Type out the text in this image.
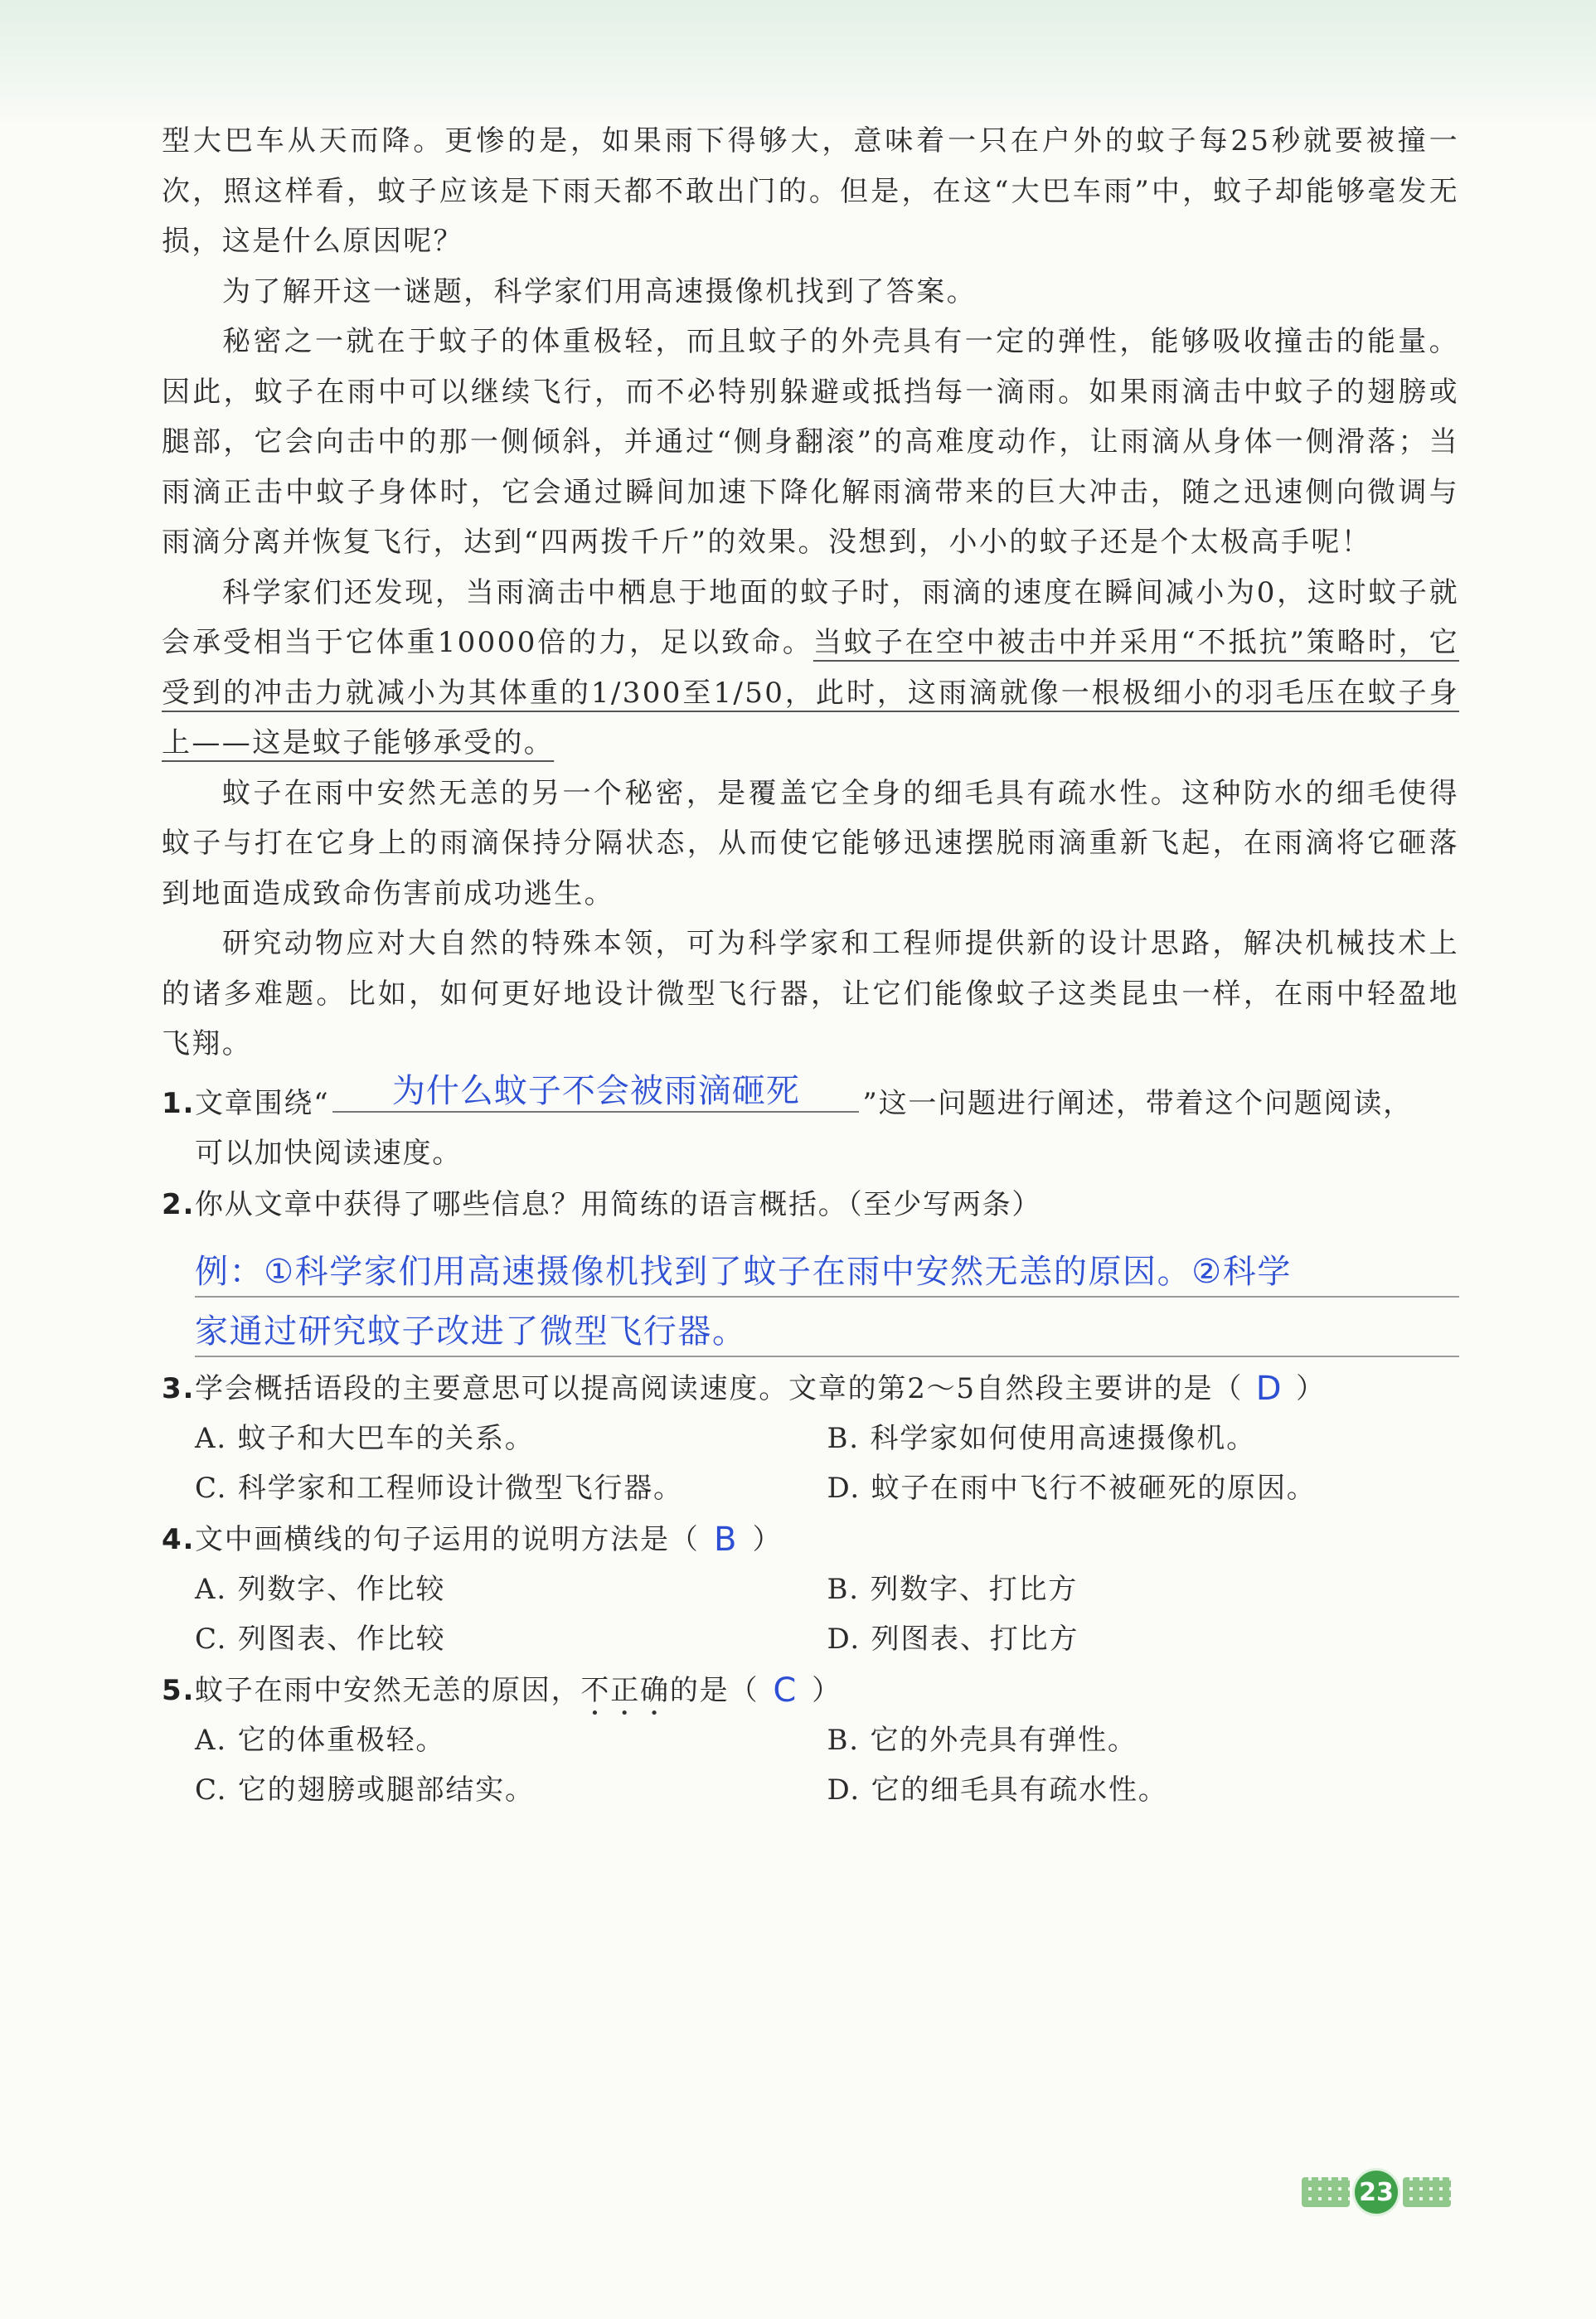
型大巴车从天而降。更惨的是，如果雨下得够大，意味着一只在户外的蚊子每25秒就要被撞一次，照这样看，蚊子应该是下雨天都不敢出门的。但是，在这“大巴车雨”中，蚊子却能够毫发无损，这是什么原因呢？

为了解开这一谜题，科学家们用高速摄像机找到了答案。

秘密之一就在于蚊子的体重极轻，而且蚊子的外壳具有一定的弹性，能够吸收撞击的能量。因此，蚊子在雨中可以继续飞行，而不必特别躲避或抵挡每一滴雨。如果雨滴击中蚊子的翅膀或腿部，它会向击中的那一侧倾斜，并通过“侧身翻滚”的高难度动作，让雨滴从身体一侧滑落；当雨滴正击中蚊子身体时，它会通过瞬间加速下降化解雨滴带来的巨大冲击，随之迅速侧向微调与雨滴分离并恢复飞行，达到“四两拨千斤”的效果。没想到，小小的蚊子还是个太极高手呢！

科学家们还发现，当雨滴击中栖息于地面的蚊子时，雨滴的速度在瞬间减小为0，这时蚊子就会承受相当于它体重10000倍的力，足以致命。当蚊子在空中被击中并采用“不抵抗”策略时，它受到的冲击力就减小为其体重的1/300至1/50，此时，这雨滴就像一根极细小的羽毛压在蚊子身上——这是蚊子能够承受的。

蚊子在雨中安然无恙的另一个秘密，是覆盖它全身的细毛具有疏水性。这种防水的细毛使得蚊子与打在它身上的雨滴保持分隔状态，从而使它能够迅速摆脱雨滴重新飞起，在雨滴将它砸落到地面造成致命伤害前成功逃生。

研究动物应对大自然的特殊本领，可为科学家和工程师提供新的设计思路，解决机械技术上的诸多难题。比如，如何更好地设计微型飞行器，让它们能像蚊子这类昆虫一样，在雨中轻盈地飞翔。

1.文章围绕“	为什么蚊子不会被雨滴砸死	”这一问题进行阐述，带着这个问题阅读，
可以加快阅读速度。
2.你从文章中获得了哪些信息？用简练的语言概括。（至少写两条）
例：①科学家们用高速摄像机找到了蚊子在雨中安然无恙的原因。②科学
家通过研究蚊子改进了微型飞行器。
3.学会概括语段的主要意思可以提高阅读速度。文章的第2～5自然段主要讲的是（ D ）
A. 蚊子和大巴车的关系。	B. 科学家如何使用高速摄像机。
C. 科学家和工程师设计微型飞行器。	D. 蚊子在雨中飞行不被砸死的原因。
4.文中画横线的句子运用的说明方法是（ B ）
A. 列数字、作比较	B. 列数字、打比方
C. 列图表、作比较	D. 列图表、打比方
5.蚊子在雨中安然无恙的原因，不正确的是（ C ）
A. 它的体重极轻。	B. 它的外壳具有弹性。
C. 它的翅膀或腿部结实。	D. 它的细毛具有疏水性。
23
